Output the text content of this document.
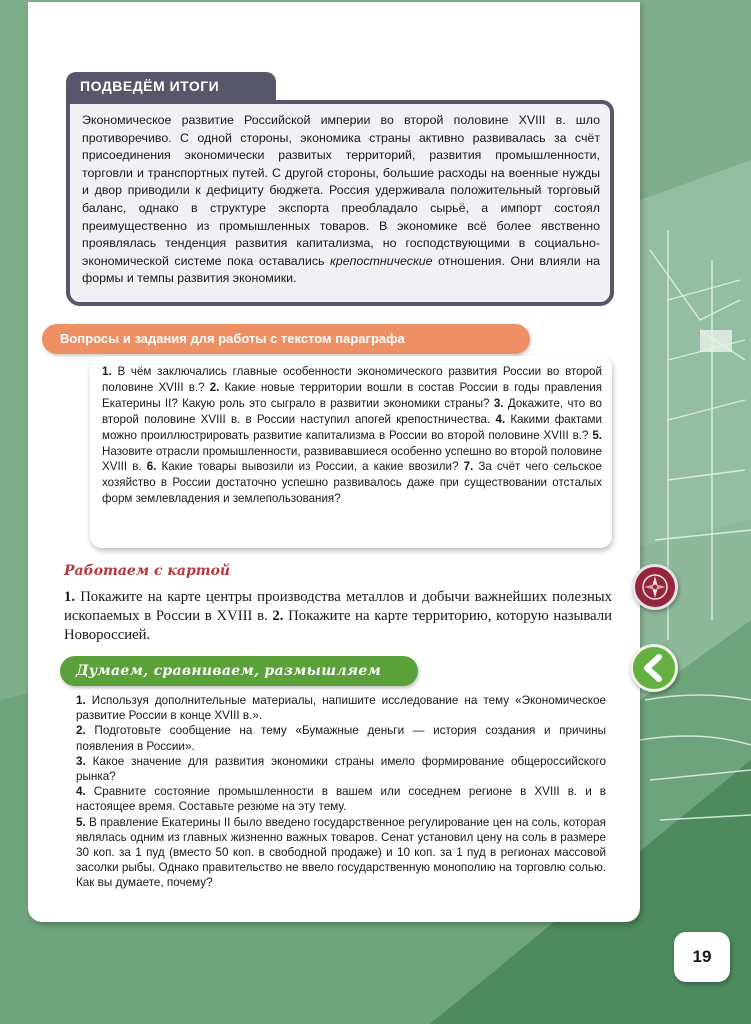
ПОДВЕДЁМ ИТОГИ

Экономическое развитие Российской империи во второй половине XVIII в. шло противоречиво. С одной стороны, экономика страны активно развивалась за счёт присоединения экономически развитых территорий, развития промышленности, торговли и транспортных путей. С другой стороны, большие расходы на военные нужды и двор приводили к дефициту бюджета. Россия удерживала положительный торговый баланс, однако в структуре экспорта преобладало сырьё, а импорт состоял преимущественно из промышленных товаров. В экономике всё более явственно проявлялась тенденция развития капитализма, но господствующими в социально-экономической системе пока оставались крепостнические отношения. Они влияли на формы и темпы развития экономики.

Вопросы и задания для работы с текстом параграфа

1. В чём заключались главные особенности экономического развития России во второй половине XVIII в.? 2. Какие новые территории вошли в состав России в годы правления Екатерины II? Какую роль это сыграло в развитии экономики страны? 3. Докажите, что во второй половине XVIII в. в России наступил апогей крепостничества. 4. Какими фактами можно проиллюстрировать развитие капитализма в России во второй половине XVIII в.? 5. Назовите отрасли промышленности, развивавшиеся особенно успешно во второй половине XVIII в. 6. Какие товары вывозили из России, а какие ввозили? 7. За счёт чего сельское хозяйство в России достаточно успешно развивалось даже при существовании отсталых форм землевладения и землепользования?

Работаем с картой

1. Покажите на карте центры производства металлов и добычи важнейших полезных ископаемых в России в XVIII в. 2. Покажите на карте территорию, которую называли Новороссией.

Думаем, сравниваем, размышляем

1. Используя дополнительные материалы, напишите исследование на тему «Экономическое развитие России в конце XVIII в.».

2. Подготовьте сообщение на тему «Бумажные деньги — история создания и причины появления в России».

3. Какое значение для развития экономики страны имело формирование общероссийского рынка?

4. Сравните состояние промышленности в вашем или соседнем регионе в XVIII в. и в настоящее время. Составьте резюме на эту тему.

5. В правление Екатерины II было введено государственное регулирование цен на соль, которая являлась одним из главных жизненно важных товаров. Сенат установил цену на соль в размере 30 коп. за 1 пуд (вместо 50 коп. в свободной продаже) и 10 коп. за 1 пуд в регионах массовой засолки рыбы. Однако правительство не ввело государственную монополию на торговлю солью. Как вы думаете, почему?

19
